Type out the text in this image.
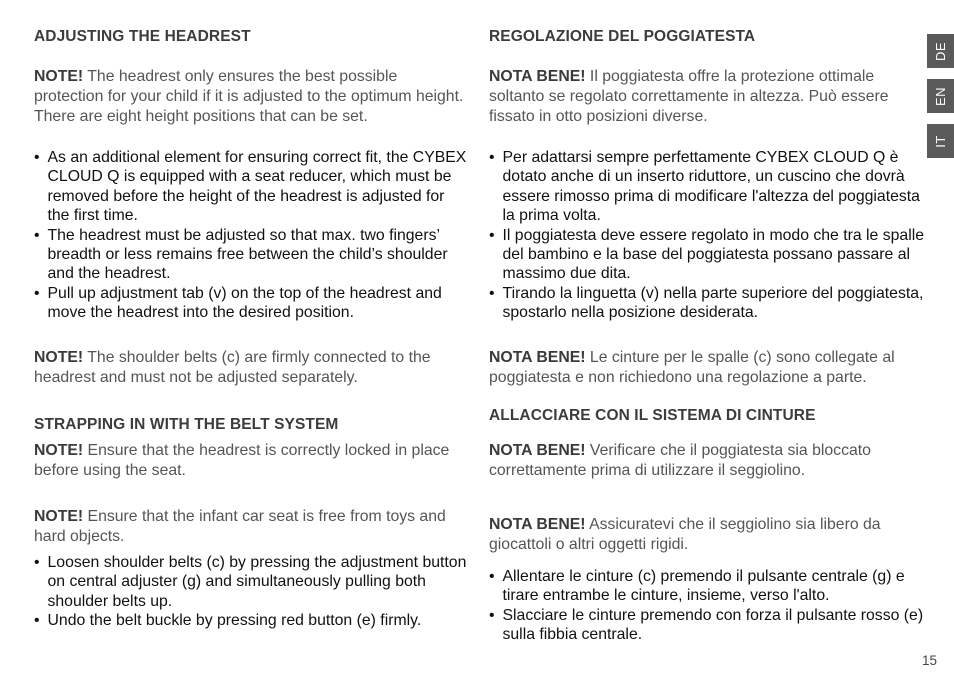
ADJUSTING THE HEADREST
NOTE! The headrest only ensures the best possible protection for your child if it is adjusted to the optimum height. There are eight height positions that can be set.
• As an additional element for ensuring correct fit, the CYBEX CLOUD Q is equipped with a seat reducer, which must be removed before the height of the headrest is adjusted for the first time.
• The headrest must be adjusted so that max. two fingers’ breadth or less remains free between the child’s shoulder and the headrest.
• Pull up adjustment tab (v) on the top of the headrest and move the headrest into the desired position.
NOTE! The shoulder belts (c) are firmly connected to the headrest and must not be adjusted separately.
STRAPPING IN WITH THE BELT SYSTEM
NOTE! Ensure that the headrest is correctly locked in place before using the seat.
NOTE! Ensure that the infant car seat is free from toys and hard objects.
• Loosen shoulder belts (c) by pressing the adjustment button on central adjuster (g) and simultaneously pulling both shoulder belts up.
• Undo the belt buckle by pressing red button (e) firmly.
REGOLAZIONE DEL POGGIATESTA
NOTA BENE! Il poggiatesta offre la protezione ottimale soltanto se regolato correttamente in altezza. Può essere fissato in otto posizioni diverse.
• Per adattarsi sempre perfettamente CYBEX CLOUD Q è dotato anche di un inserto riduttore, un cuscino che dovrà essere rimosso prima di modificare l'altezza del poggiatesta la prima volta.
• Il poggiatesta deve essere regolato in modo che tra le spalle del bambino e la base del poggiatesta possano passare al massimo due dita.
• Tirando la linguetta (v) nella parte superiore del poggiatesta, spostarlo nella posizione desiderata.
NOTA BENE! Le cinture per le spalle (c) sono collegate al poggiatesta e non richiedono una regolazione a parte.
ALLACCIARE CON IL SISTEMA DI CINTURE
NOTA BENE! Verificare che il poggiatesta sia bloccato correttamente prima di utilizzare il seggiolino.
NOTA BENE! Assicuratevi che il seggiolino sia libero da giocattoli o altri oggetti rigidi.
• Allentare le cinture (c) premendo il pulsante centrale (g) e tirare entrambe le cinture, insieme, verso l'alto.
• Slacciare le cinture premendo con forza il pulsante rosso (e) sulla fibbia centrale.
DE
EN
IT
15
